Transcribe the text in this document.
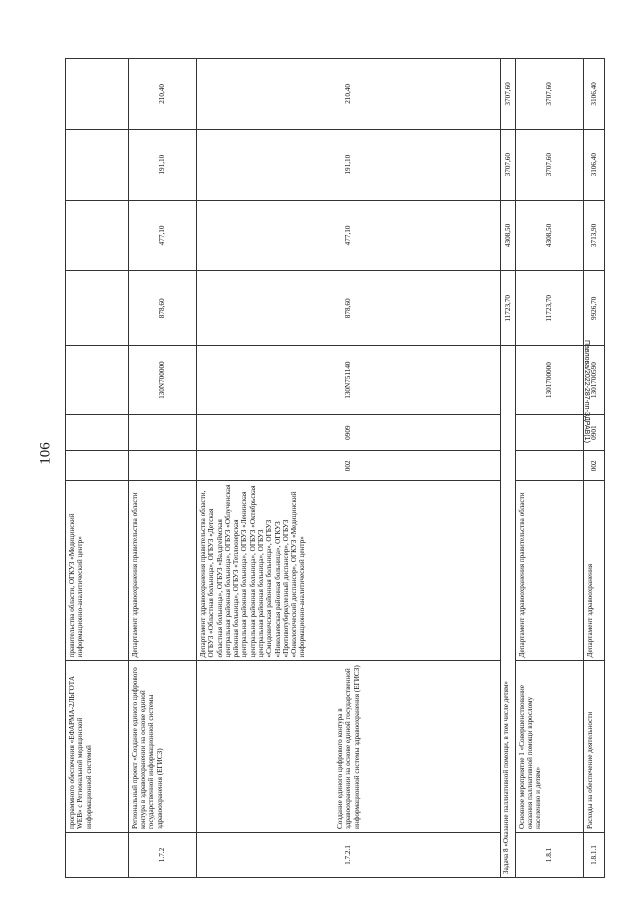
106
Павлова/2022-287-пп-ЗДРАВ(1)
	программного обеспечения «ЕФАРМА-2ЛЬГОТА WEB» с Региональной медицинской информационной системой	правительства области, ОГКУЗ «Медицинский информационно-аналитический центр»							
1.7.2	Региональный проект «Создание единого цифрового контура в здравоохранении на основе единой государственной информационной системы здравоохранения (ЕГИСЗ)	Департамент здравоохранения правительства области			130N700000	878,60	477,10	191,10	210,40
1.7.2.1	Создание единого цифрового контура в здравоохранении на основе единой государственной информационной системы здравоохранения (ЕГИСЗ)	Департамент здравоохранения правительства области, ОГБУЗ «Областная больница», ОГБУЗ «Детская областная больница», ОГБУЗ «Валдгеймская центральная районная больница», ОГБУЗ «Облученская районная больница», ОГБУЗ «Теплоозерская центральная районная больница», ОГБУЗ «Ленинская центральная районная больница», ОГБУЗ «Октябрьская центральная районная больница», ОГБУЗ «Смидовичская районная больница», ОГБУЗ «Николаевская районная больница», ОГКУЗ «Противотуберкулезный диспансер», ОГБУЗ «Онкологический диспансер», ОГКУЗ «Медицинский информационно-аналитический центр»	002	0909	130N751140	878,60	477,10	191,10	210,40
Задача 8 «Оказание паллиативной помощи, в том числе детям»						11723,70	4308,50	3707,60	3707,60
1.8.1	Основное мероприятие 1 «Совершенствование оказания паллиативной помощи взрослому населению и детям»	Департамент здравоохранения правительства области			1301700000	11723,70	4308,50	3707,60	3707,60
1.8.1.1	Расходы на обеспечение деятельности	Департамент здравоохранения	002	0901	1301700590	9926,70	3713,90	3106,40	3106,40
